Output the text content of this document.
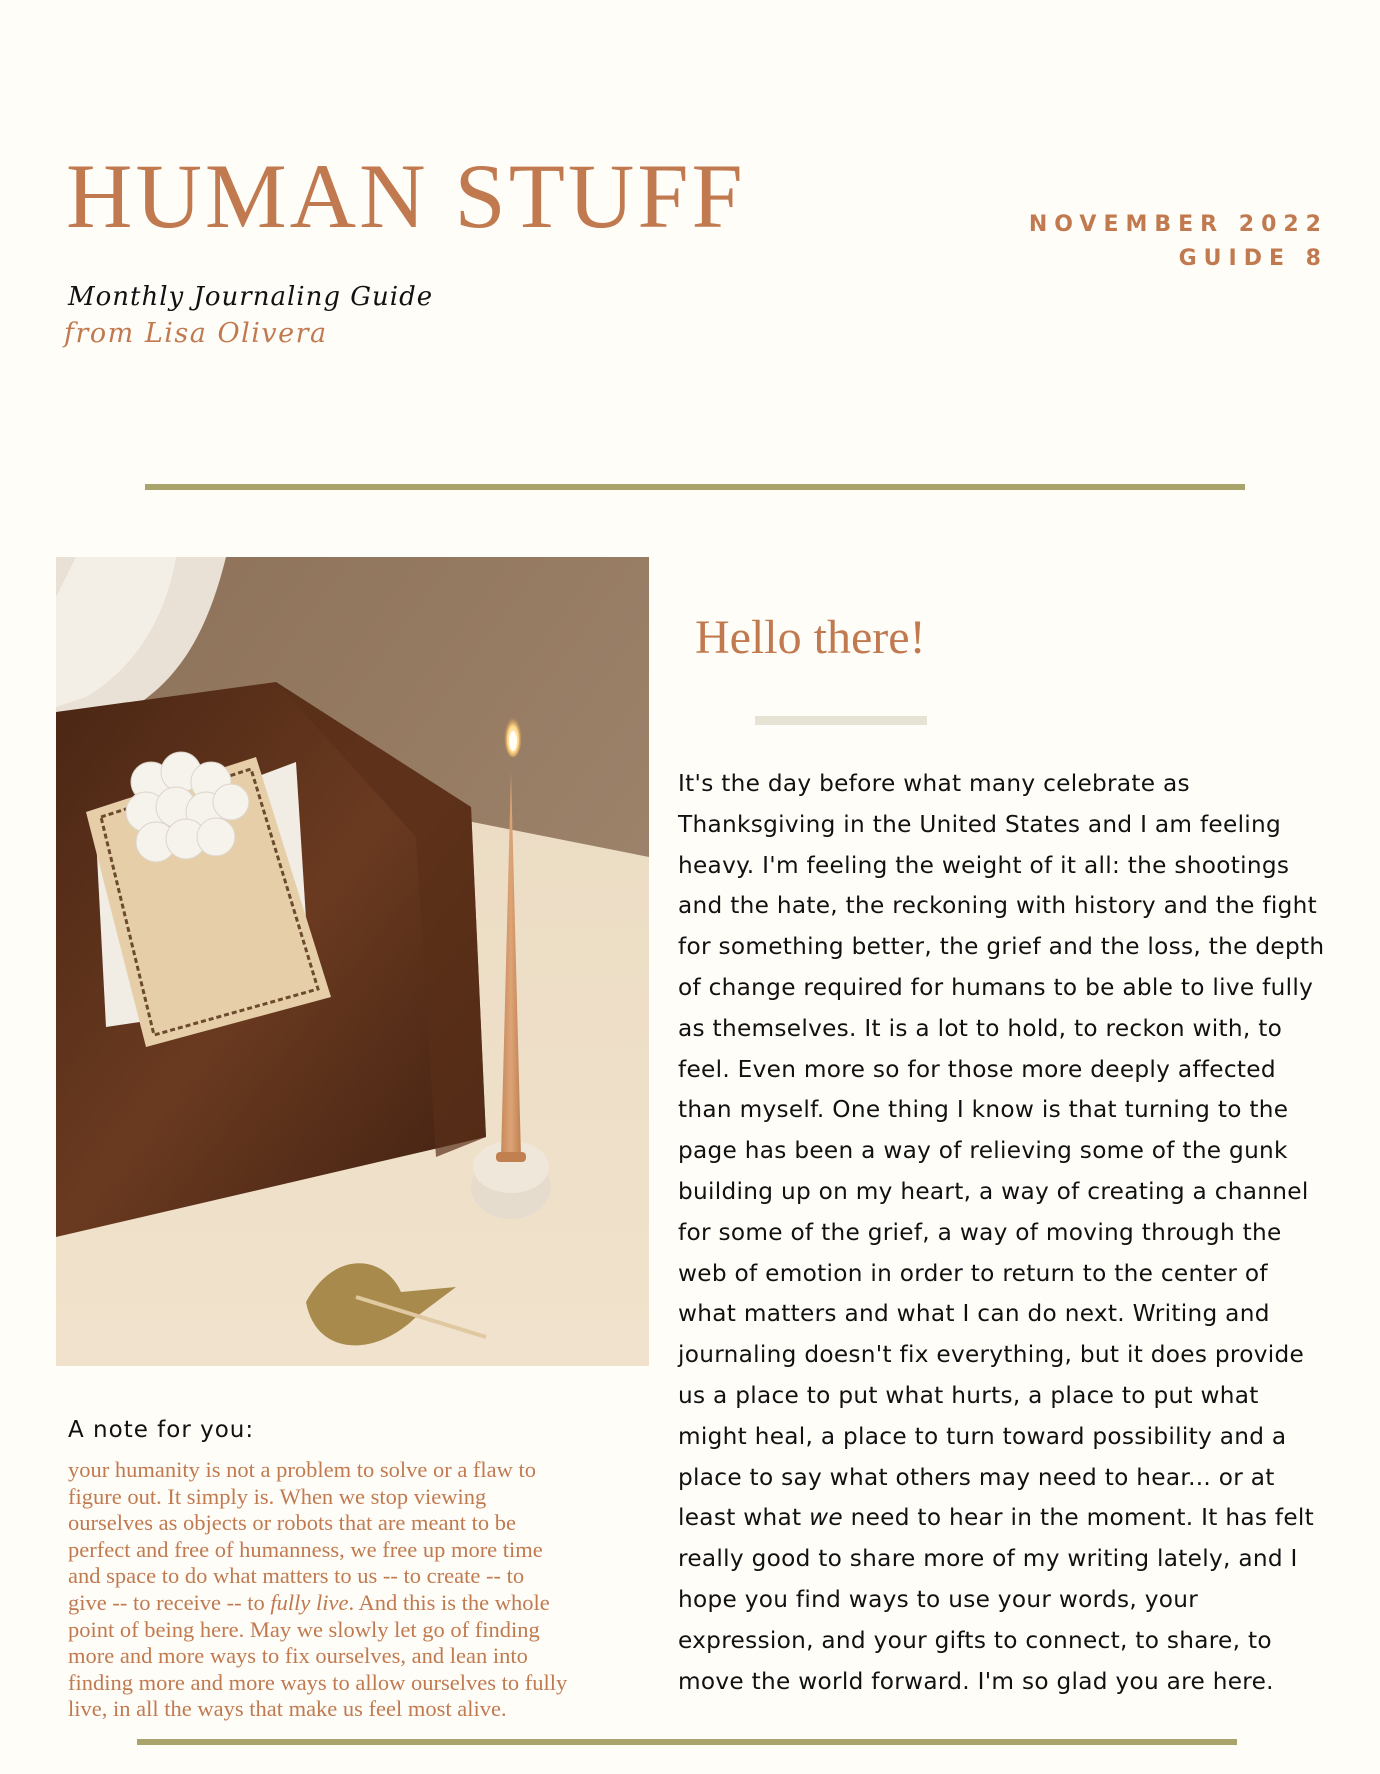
HUMAN STUFF	NOVEMBER 2022
GUIDE 8
Monthly Journaling Guide
from Lisa Olivera
A note for you:

your humanity is not a problem to solve or a flaw to

figure out. It simply is. When we stop viewing

ourselves as objects or robots that are meant to be

perfect and free of humanness, we free up more time

and space to do what matters to us -- to create -- to

give -- to receive -- to fully live. And this is the whole

point of being here. May we slowly let go of finding

more and more ways to fix ourselves, and lean into

finding more and more ways to allow ourselves to fully

live, in all the ways that make us feel most alive.

Hello there!
It's the day before what many celebrate as
Thanksgiving in the United States and I am feeling
heavy. I'm feeling the weight of it all: the shootings
and the hate, the reckoning with history and the fight
for something better, the grief and the loss, the depth
of change required for humans to be able to live fully
as themselves. It is a lot to hold, to reckon with, to
feel. Even more so for those more deeply affected
than myself. One thing I know is that turning to the
page has been a way of relieving some of the gunk
building up on my heart, a way of creating a channel
for some of the grief, a way of moving through the
web of emotion in order to return to the center of
what matters and what I can do next. Writing and
journaling doesn't fix everything, but it does provide
us a place to put what hurts, a place to put what
might heal, a place to turn toward possibility and a
place to say what others may need to hear... or at
least what we need to hear in the moment. It has felt
really good to share more of my writing lately, and I
hope you find ways to use your words, your
expression, and your gifts to connect, to share, to
move the world forward. I'm so glad you are here.
